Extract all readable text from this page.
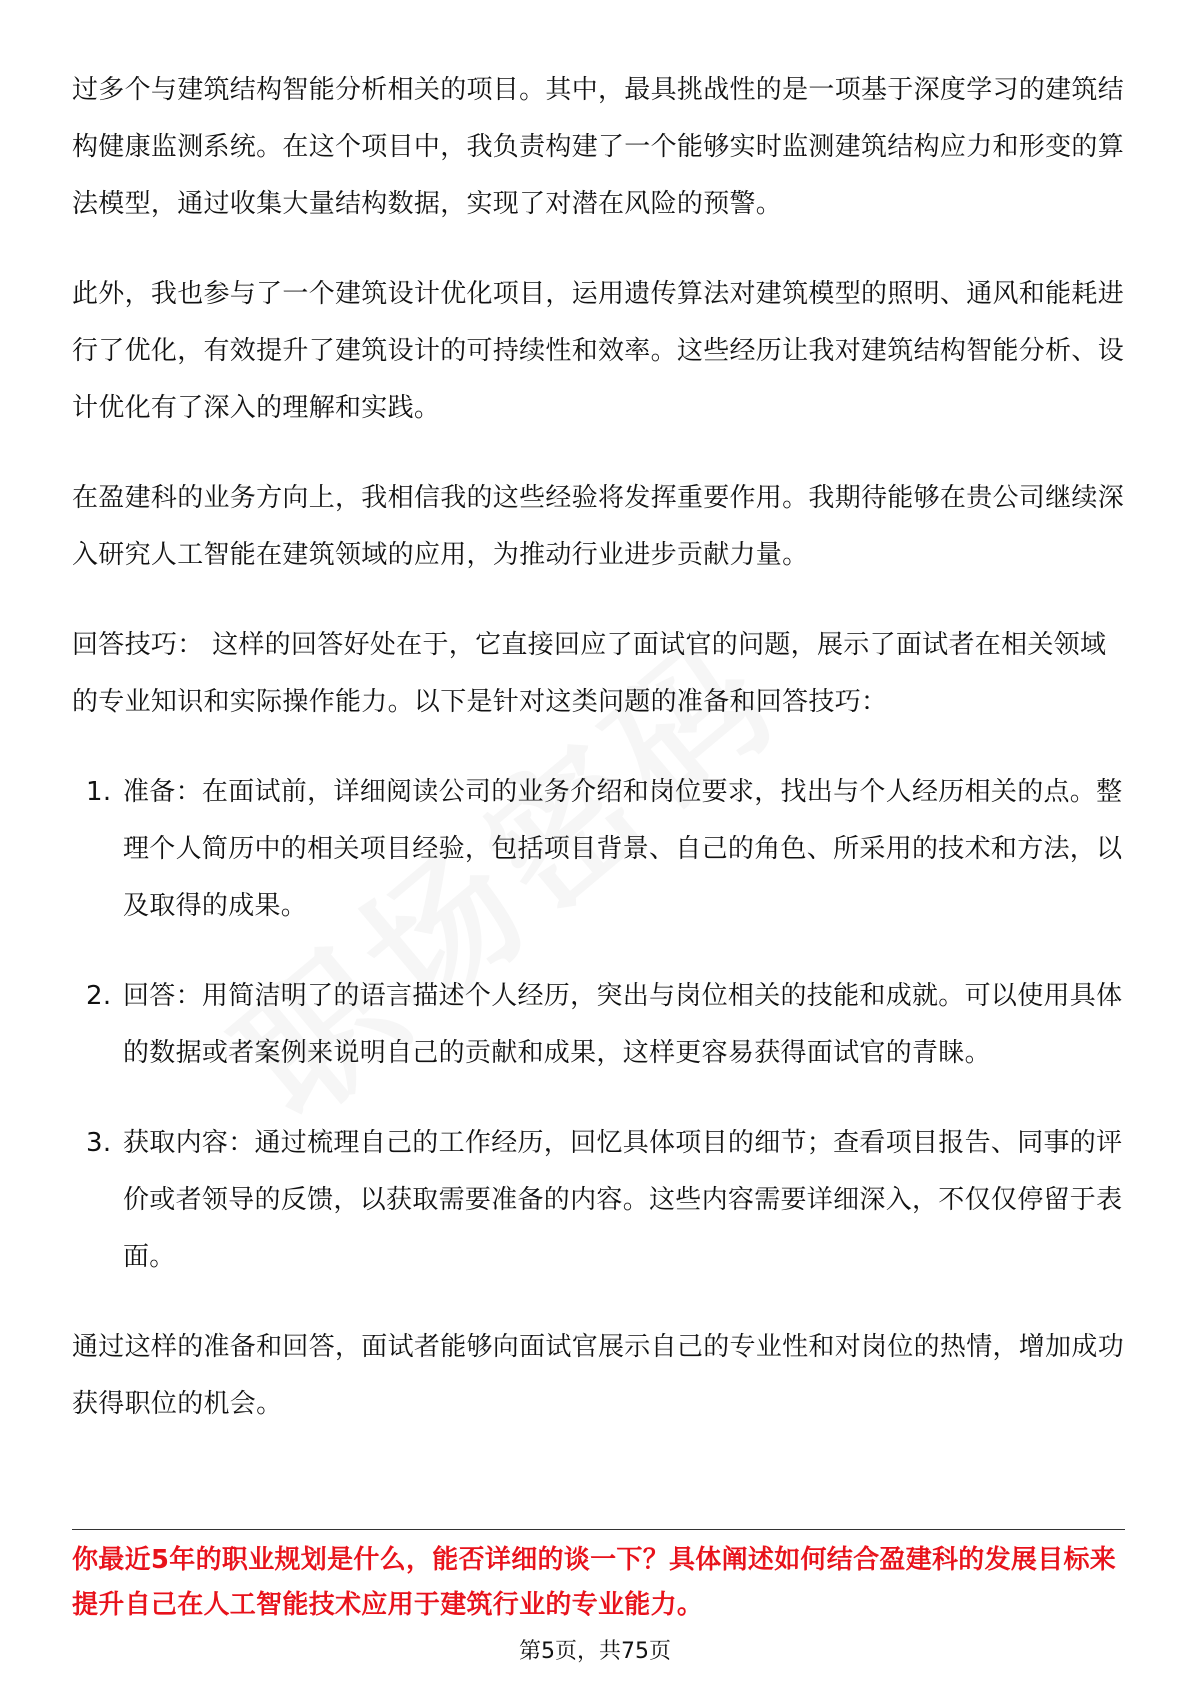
过多个与建筑结构智能分析相关的项目。其中，最具挑战性的是一项基于深度学习的建筑结构健康监测系统。在这个项目中，我负责构建了一个能够实时监测建筑结构应力和形变的算法模型，通过收集大量结构数据，实现了对潜在风险的预警。

此外，我也参与了一个建筑设计优化项目，运用遗传算法对建筑模型的照明、通风和能耗进行了优化，有效提升了建筑设计的可持续性和效率。这些经历让我对建筑结构智能分析、设计优化有了深入的理解和实践。

在盈建科的业务方向上，我相信我的这些经验将发挥重要作用。我期待能够在贵公司继续深入研究人工智能在建筑领域的应用，为推动行业进步贡献力量。

回答技巧： 这样的回答好处在于，它直接回应了面试官的问题，展示了面试者在相关领域的专业知识和实际操作能力。以下是针对这类问题的准备和回答技巧：

1. 准备：在面试前，详细阅读公司的业务介绍和岗位要求，找出与个人经历相关的点。整理个人简历中的相关项目经验，包括项目背景、自己的角色、所采用的技术和方法，以及取得的成果。
2. 回答：用简洁明了的语言描述个人经历，突出与岗位相关的技能和成就。可以使用具体的数据或者案例来说明自己的贡献和成果，这样更容易获得面试官的青睐。
3. 获取内容：通过梳理自己的工作经历，回忆具体项目的细节；查看项目报告、同事的评价或者领导的反馈，以获取需要准备的内容。这些内容需要详细深入，不仅仅停留于表面。

通过这样的准备和回答，面试者能够向面试官展示自己的专业性和对岗位的热情，增加成功获得职位的机会。

你最近5年的职业规划是什么，能否详细的谈一下？具体阐述如何结合盈建科的发展目标来提升自己在人工智能技术应用于建筑行业的专业能力。
第5页，共75页
